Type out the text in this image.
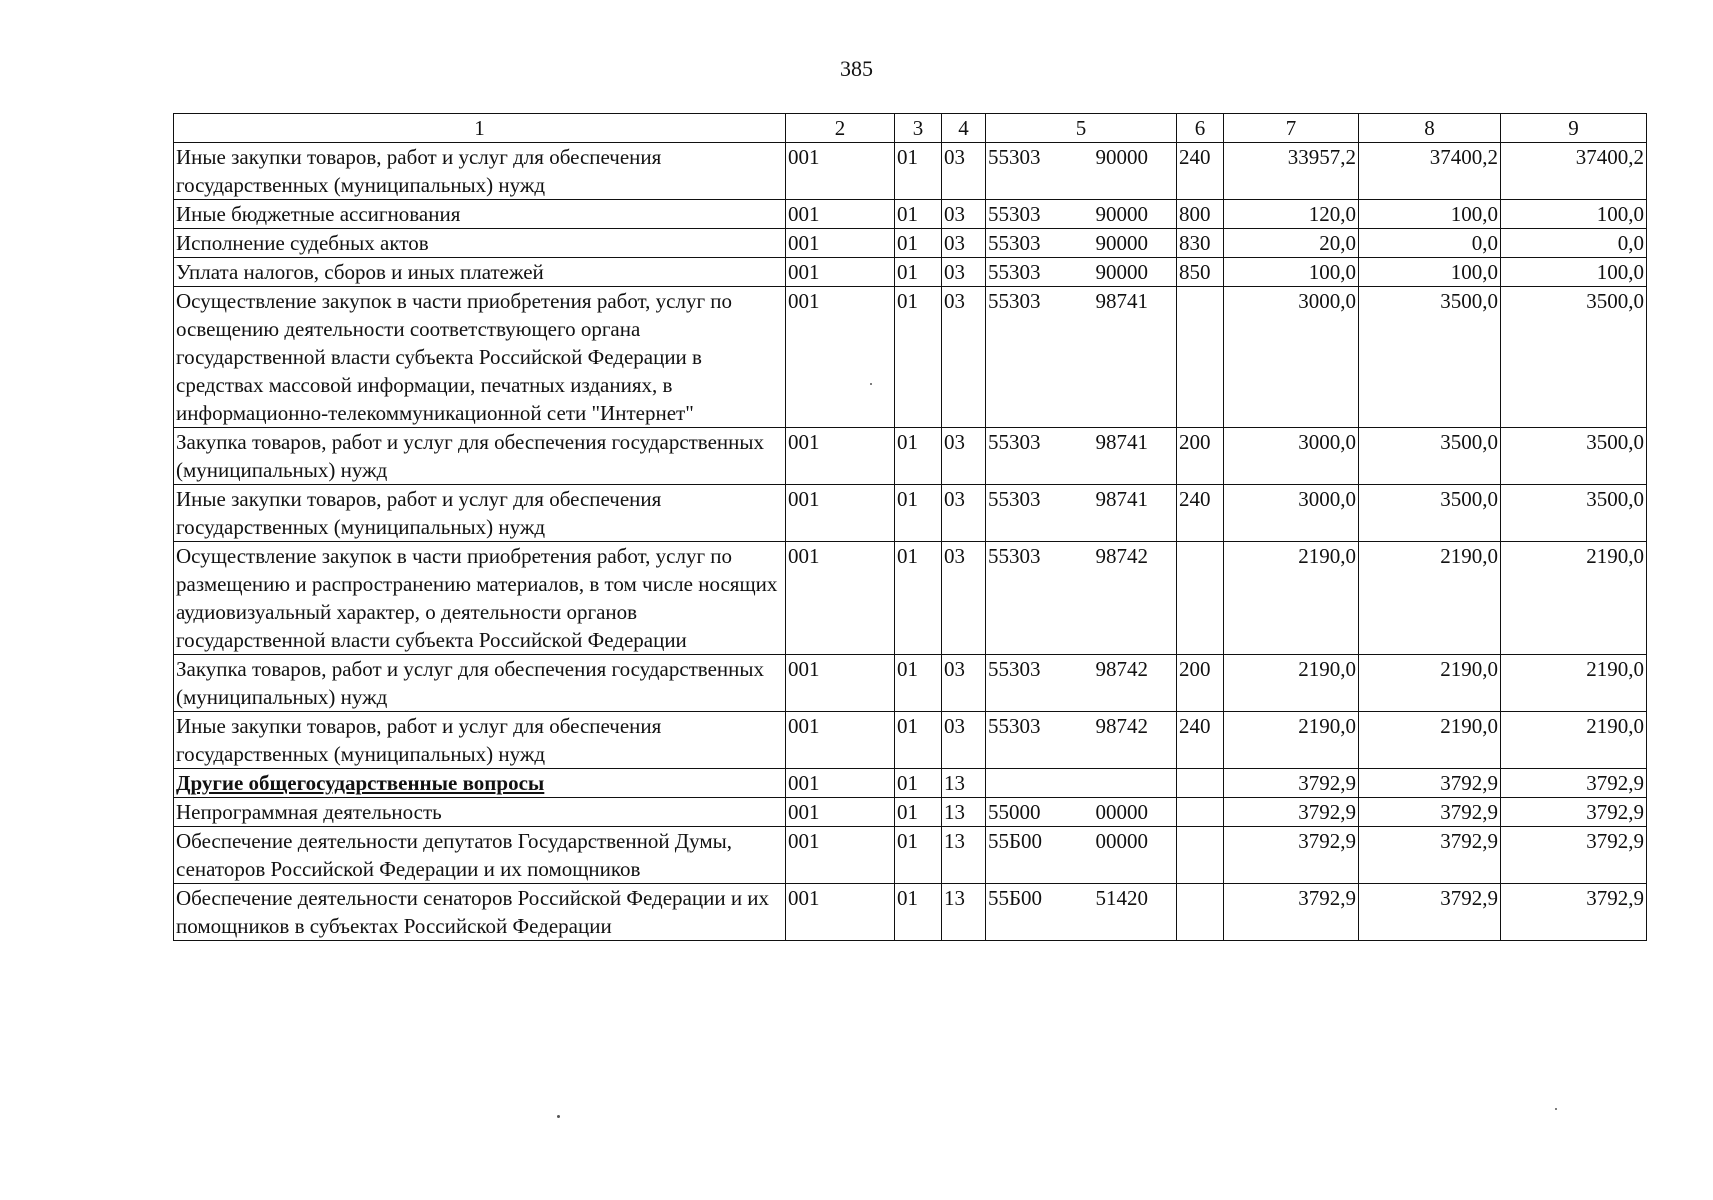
385
1	2	3	4	5	6	7	8	9
Иные закупки товаров, работ и услуг для обеспечения государственных (муниципальных) нужд	001	01	03	55303 90000	240	33957,2	37400,2	37400,2
Иные бюджетные ассигнования	001	01	03	55303 90000	800	120,0	100,0	100,0
Исполнение судебных актов	001	01	03	55303 90000	830	20,0	0,0	0,0
Уплата налогов, сборов и иных платежей	001	01	03	55303 90000	850	100,0	100,0	100,0
Осуществление закупок в части приобретения работ, услуг по освещению деятельности соответствующего органа государственной власти субъекта Российской Федерации в средствах массовой информации, печатных изданиях, в информационно-телекоммуникационной сети "Интернет"	001	01	03	55303 98741		3000,0	3500,0	3500,0
Закупка товаров, работ и услуг для обеспечения государственных (муниципальных) нужд	001	01	03	55303 98741	200	3000,0	3500,0	3500,0
Иные закупки товаров, работ и услуг для обеспечения государственных (муниципальных) нужд	001	01	03	55303 98741	240	3000,0	3500,0	3500,0
Осуществление закупок в части приобретения работ, услуг по размещению и распространению материалов, в том числе носящих аудиовизуальный характер, о деятельности органов государственной власти субъекта Российской Федерации	001	01	03	55303 98742		2190,0	2190,0	2190,0
Закупка товаров, работ и услуг для обеспечения государственных (муниципальных) нужд	001	01	03	55303 98742	200	2190,0	2190,0	2190,0
Иные закупки товаров, работ и услуг для обеспечения государственных (муниципальных) нужд	001	01	03	55303 98742	240	2190,0	2190,0	2190,0
Другие общегосударственные вопросы	001	01	13			3792,9	3792,9	3792,9
Непрограммная деятельность	001	01	13	55000 00000		3792,9	3792,9	3792,9
Обеспечение деятельности депутатов Государственной Думы, сенаторов Российской Федерации и их помощников	001	01	13	55Б00 00000		3792,9	3792,9	3792,9
Обеспечение деятельности сенаторов Российской Федерации и их помощников в субъектах Российской Федерации	001	01	13	55Б00 51420		3792,9	3792,9	3792,9
